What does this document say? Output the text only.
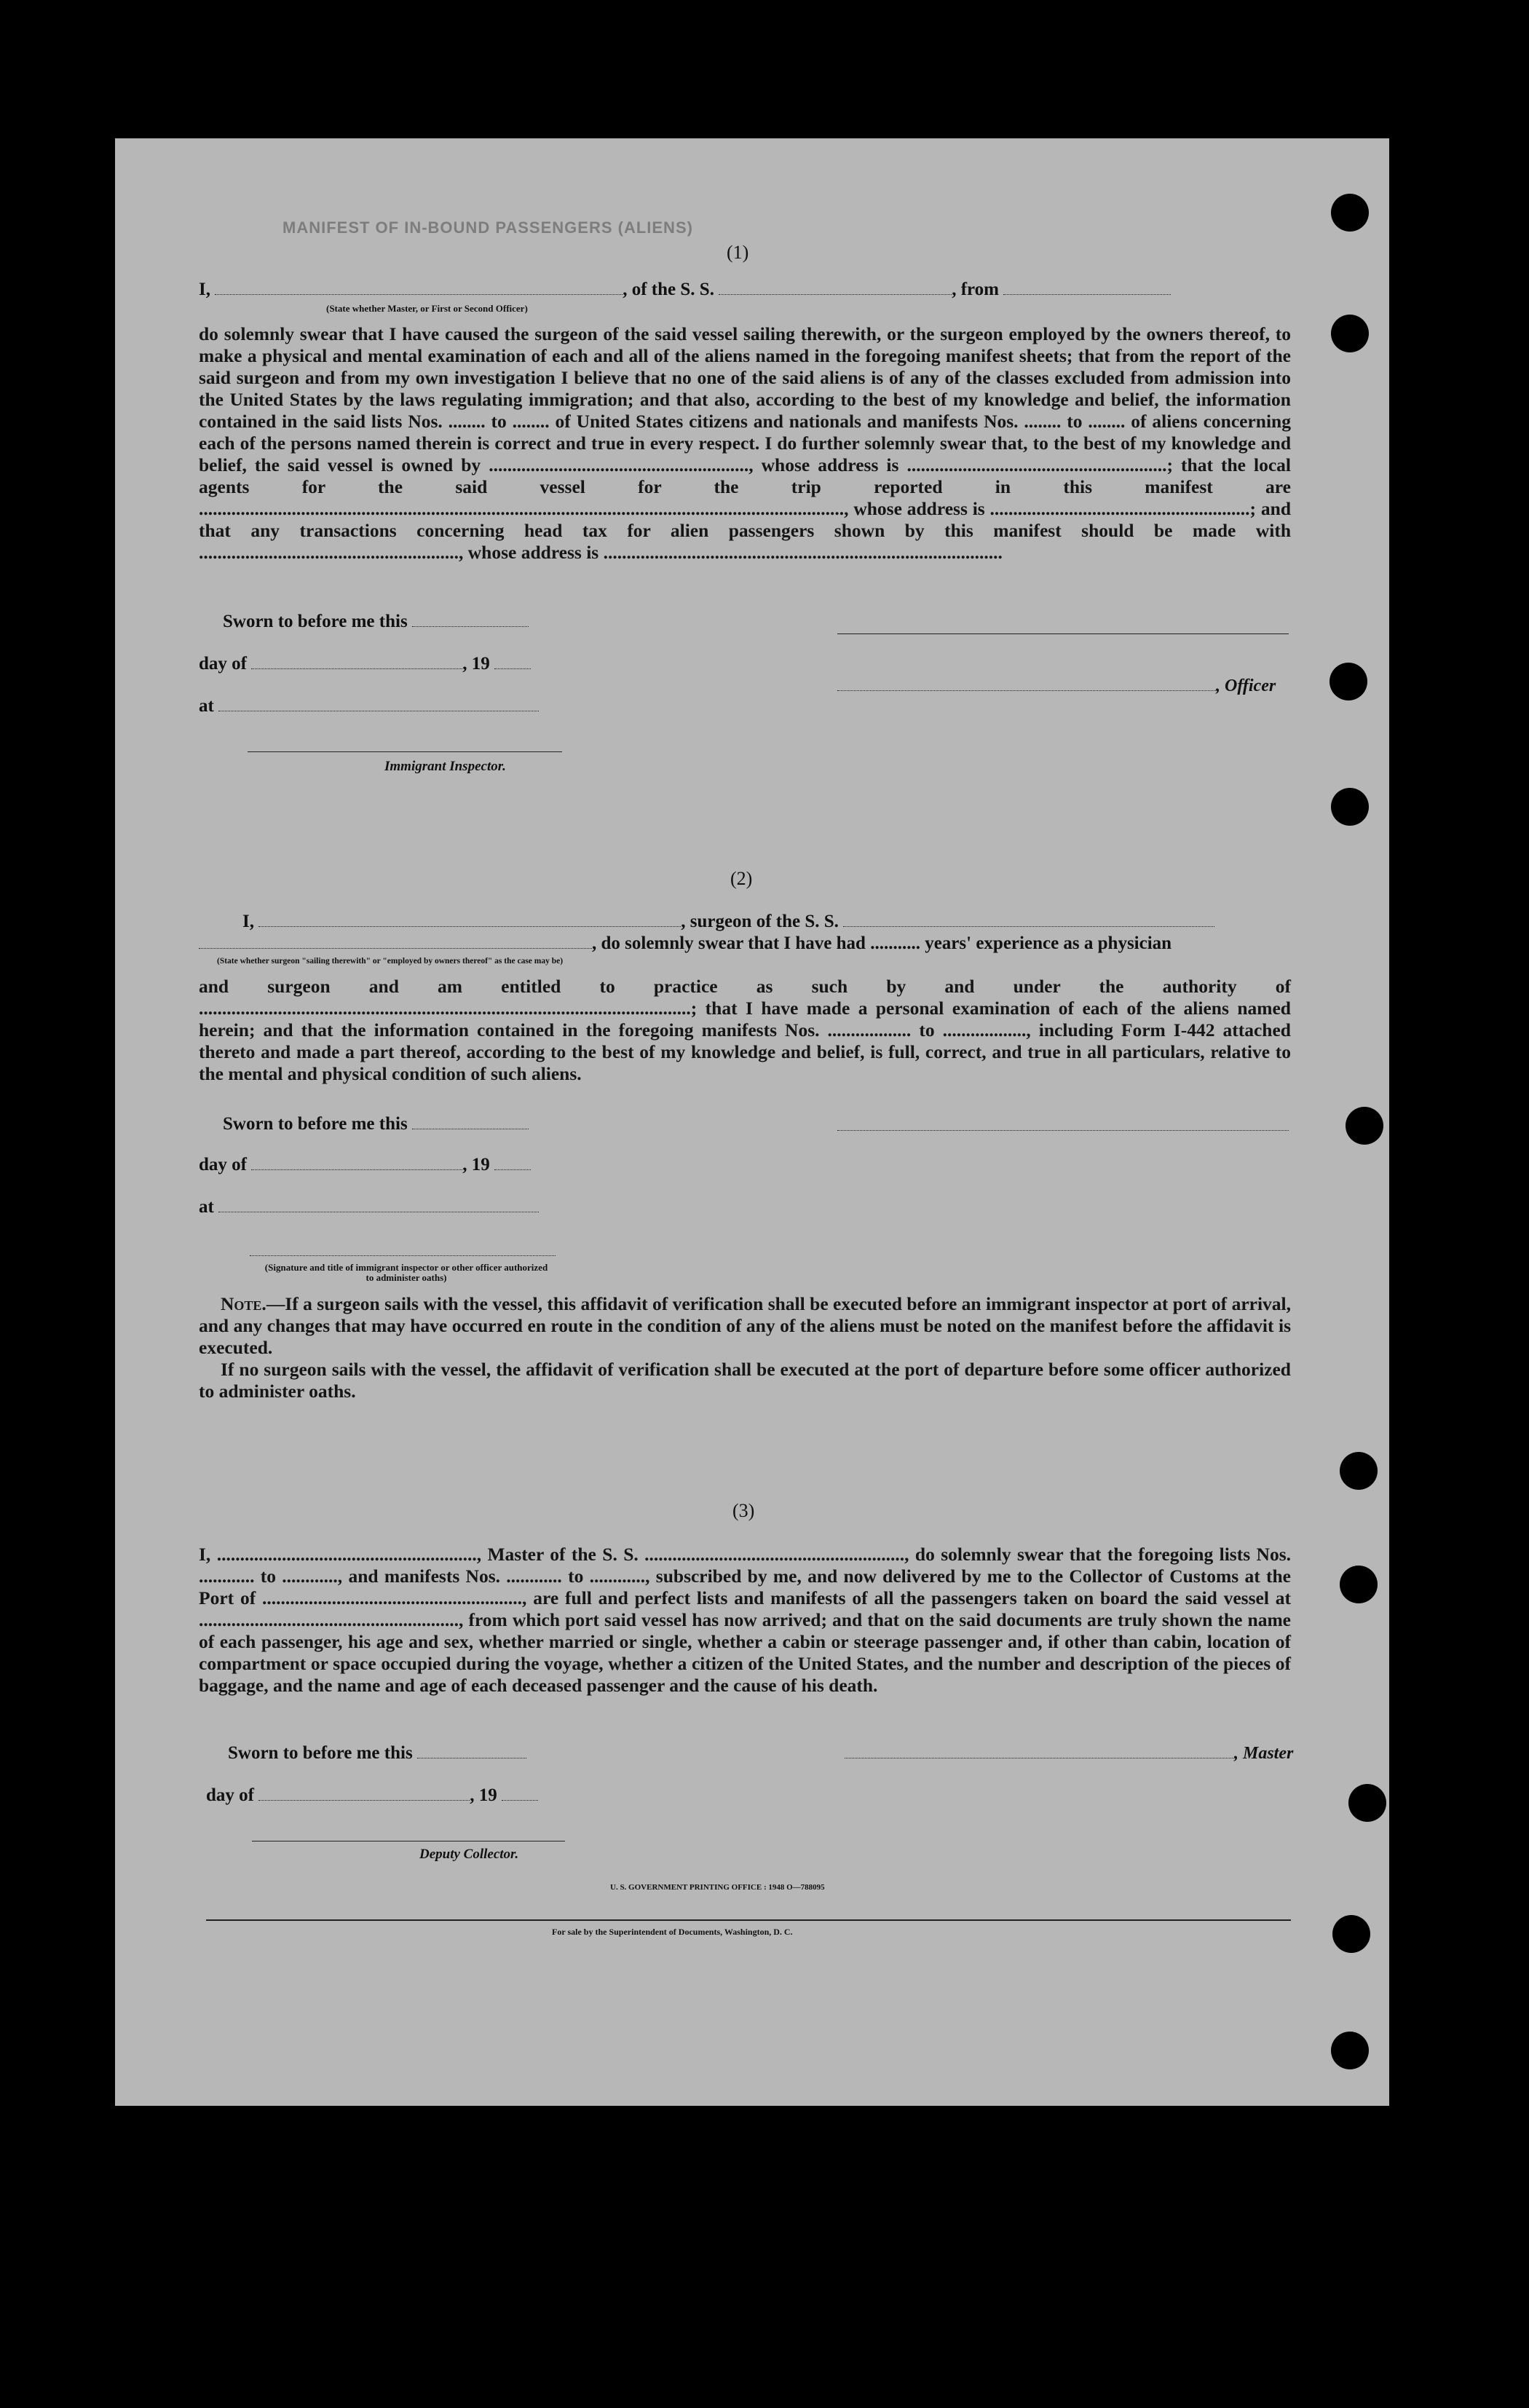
MANIFEST OF IN-BOUND PASSENGERS (ALIENS)
(1)
I,	, of the S. S.	, from
(State whether Master, or First or Second Officer)

do solemnly swear that I have caused the surgeon of the said vessel sailing therewith, or the surgeon employed by the owners thereof, to make a physical and mental examination of each and all of the aliens named in the foregoing manifest sheets; that from the report of the said surgeon and from my own investigation I believe that no one of the said aliens is of any of the classes excluded from admission into the United States by the laws regulating immigration; and that also, according to the best of my knowledge and belief, the information contained in the said lists Nos. ........ to ........ of United States citizens and nationals and manifests Nos. ........ to ........ of aliens concerning each of the persons named therein is correct and true in every respect. I do further solemnly swear that, to the best of my knowledge and belief, the said vessel is owned by ........................................................, whose address is ........................................................; that the local agents for the said vessel for the trip reported in this manifest are ..........................................................................................................................................., whose address is ........................................................; and that any transactions concerning head tax for alien passengers shown by this manifest should be made with ........................................................, whose address is ......................................................................................

Sworn to before me this
day of	, 19
, Officer
at
Immigrant Inspector.
(2)
I,	, surgeon of the S. S.
, do solemnly swear that I have had ........... years' experience as a physician
(State whether surgeon "sailing therewith" or "employed by owners thereof" as the case may be)

and surgeon and am entitled to practice as such by and under the authority of ..........................................................................................................; that I have made a personal examination of each of the aliens named herein; and that the information contained in the foregoing manifests Nos. .................. to .................., including Form I-442 attached thereto and made a part thereof, according to the best of my knowledge and belief, is full, correct, and true in all particulars, relative to the mental and physical condition of such aliens.

Sworn to before me this
day of	, 19
at
(Signature and title of immigrant inspector or other officer authorized to administer oaths)

Note.—If a surgeon sails with the vessel, this affidavit of verification shall be executed before an immigrant inspector at port of arrival, and any changes that may have occurred en route in the condition of any of the aliens must be noted on the manifest before the affidavit is executed.

If no surgeon sails with the vessel, the affidavit of verification shall be executed at the port of departure before some officer authorized to administer oaths.

(3)

I, ........................................................, Master of the S. S. ........................................................, do solemnly swear that the foregoing lists Nos. ............ to ............, and manifests Nos. ............ to ............, subscribed by me, and now delivered by me to the Collector of Customs at the Port of ........................................................, are full and perfect lists and manifests of all the passengers taken on board the said vessel at ........................................................, from which port said vessel has now arrived; and that on the said documents are truly shown the name of each passenger, his age and sex, whether married or single, whether a cabin or steerage passenger and, if other than cabin, location of compartment or space occupied during the voyage, whether a citizen of the United States, and the number and description of the pieces of baggage, and the name and age of each deceased passenger and the cause of his death.

Sworn to before me this	, Master
day of	, 19
Deputy Collector.
U. S. GOVERNMENT PRINTING OFFICE : 1948 O—788095
For sale by the Superintendent of Documents, Washington, D. C.
